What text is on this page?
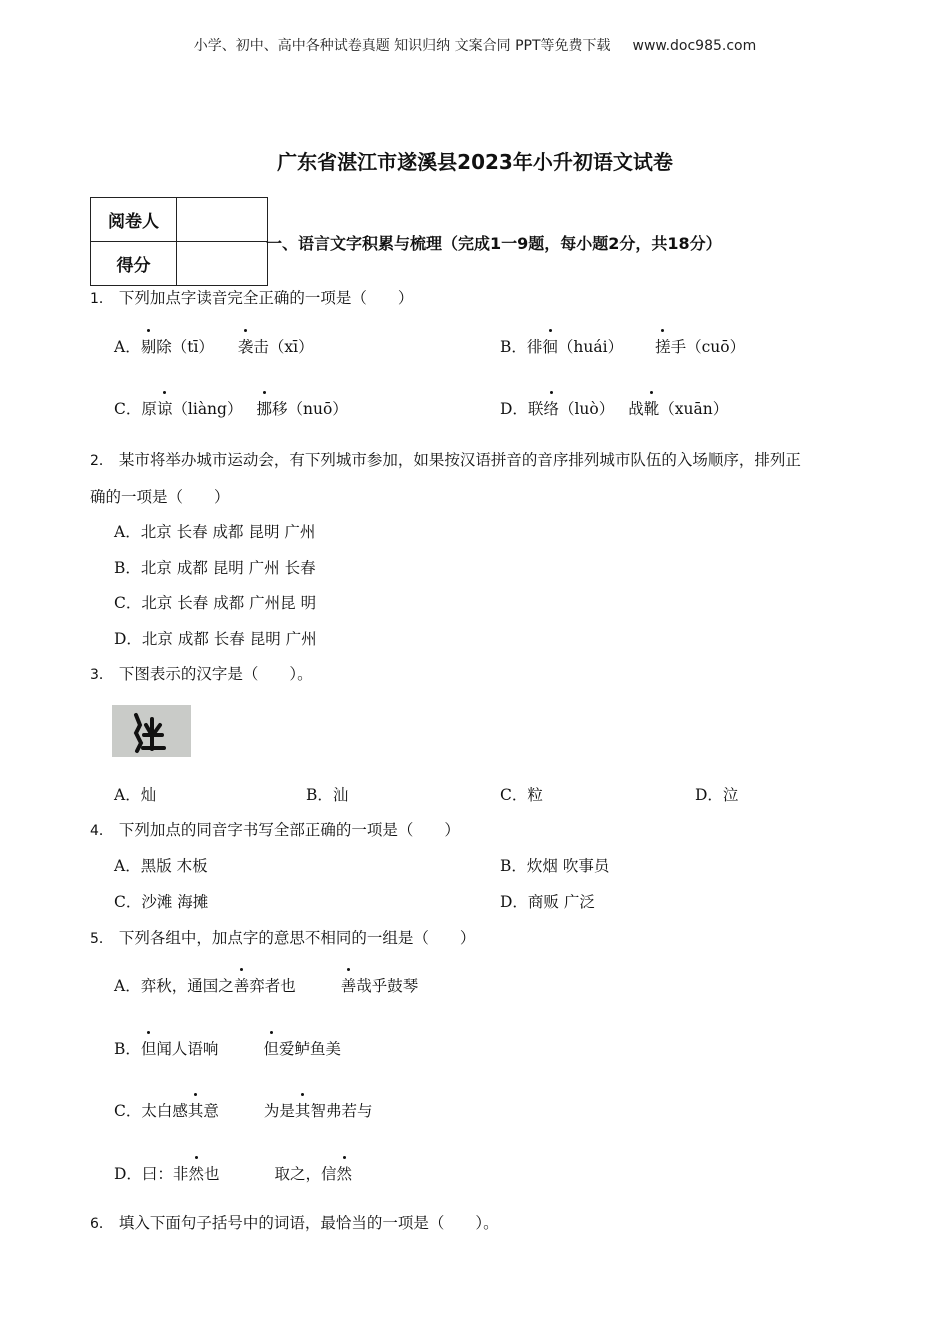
小学、初中、高中各种试卷真题 知识归纳 文案合同 PPT等免费下载 www.doc985.com
广东省湛江市遂溪县2023年小升初语文试卷
阅卷人	
得分	
一、语言文字积累与梳理（完成1一9题，每小题2分，共18分）
1． 下列加点字读音完全正确的一项是（　　）
A．剔除（tī） 袭击（xī）	B．徘徊（huái） 搓手（cuō）
C．原谅（liàng） 挪移（nuō）	D．联络（luò） 战靴（xuān）
2． 某市将举办城市运动会，有下列城市参加，如果按汉语拼音的音序排列城市队伍的入场顺序，排列正
确的一项是（　　）
A．北京 长春 成都 昆明 广州
B．北京 成都 昆明 广州 长春
C．北京 长春 成都 广州昆 明
D．北京 成都 长春 昆明 广州
3． 下图表示的汉字是（　　）。
A．灿	B．汕	C．粒	D．泣
4． 下列加点的同音字书写全部正确的一项是（　　）
A．黑版 木板	B．炊烟 吹事员
C．沙滩 海摊	D．商贩 广泛
5． 下列各组中，加点字的意思不相同的一组是（　　）
A．弈秋，通国之善弈者也	善哉乎鼓琴
B．但闻人语响	但爱鲈鱼美
C．太白感其意	为是其智弗若与
D．曰：非然也	取之，信然
6． 填入下面句子括号中的词语，最恰当的一项是（　　）。
